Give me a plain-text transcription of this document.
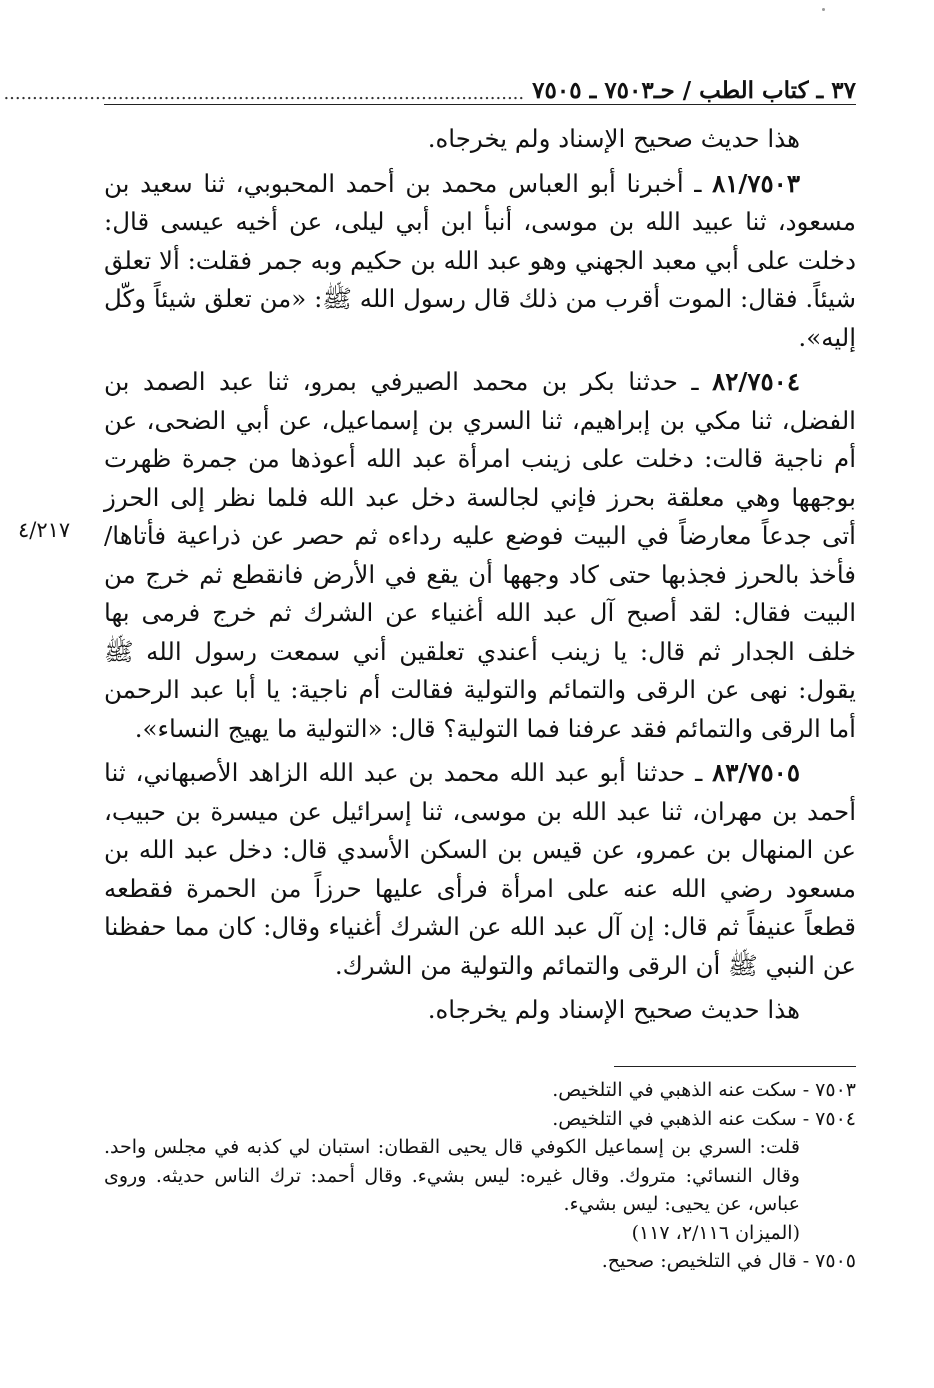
٣٧ ـ كتاب الطب / حـ٧٥٠٣ ـ ٧٥٠٥
...........................................................................................

هذا حديث صحيح الإسناد ولم يخرجاه.

٨١/٧٥٠٣ ـ أخبرنا أبو العباس محمد بن أحمد المحبوبي، ثنا سعيد بن مسعود، ثنا عبيد الله بن موسى، أنبأ ابن أبي ليلى، عن أخيه عيسى قال: دخلت على أبي معبد الجهني وهو عبد الله بن حكيم وبه جمر فقلت: ألا تعلق شيئاً. فقال: الموت أقرب من ذلك قال رسول الله ﷺ: «من تعلق شيئاً وكّل إليه».

٨٢/٧٥٠٤ ـ حدثنا بكر بن محمد الصيرفي بمرو، ثنا عبد الصمد بن الفضل، ثنا مكي بن إبراهيم، ثنا السري بن إسماعيل، عن أبي الضحى، عن أم ناجية قالت: دخلت على زينب امرأة عبد الله أعوذها من جمرة ظهرت بوجهها وهي معلقة بحرز فإني لجالسة دخل عبد الله فلما نظر إلى الحرز أتى جدعاً معارضاً في البيت فوضع عليه رداءه ثم حصر عن ذراعية فأتاها/فأخذ بالحرز فجذبها حتى كاد وجهها أن يقع في الأرض فانقطع ثم خرج من البيت فقال: لقد أصبح آل عبد الله أغنياء عن الشرك ثم خرج فرمى بها خلف الجدار ثم قال: يا زينب أعندي تعلقين أني سمعت رسول الله ﷺ يقول: نهى عن الرقى والتمائم والتولية فقالت أم ناجية: يا أبا عبد الرحمن أما الرقى والتمائم فقد عرفنا فما التولية؟ قال: «التولية ما يهيج النساء».

٨٣/٧٥٠٥ ـ حدثنا أبو عبد الله محمد بن عبد الله الزاهد الأصبهاني، ثنا أحمد بن مهران، ثنا عبد الله بن موسى، ثنا إسرائيل عن ميسرة بن حبيب، عن المنهال بن عمرو، عن قيس بن السكن الأسدي قال: دخل عبد الله بن مسعود رضي الله عنه على امرأة فرأى عليها حرزاً من الحمرة فقطعه قطعاً عنيفاً ثم قال: إن آل عبد الله عن الشرك أغنياء وقال: كان مما حفظنا عن النبي ﷺ أن الرقى والتمائم والتولية من الشرك.

هذا حديث صحيح الإسناد ولم يخرجاه.

٤/٢١٧

٧٥٠٣ - سكت عنه الذهبي في التلخيص.

٧٥٠٤ - سكت عنه الذهبي في التلخيص.

قلت: السري بن إسماعيل الكوفي قال يحيى القطان: استبان لي كذبه في مجلس واحد. وقال النسائي: متروك. وقال غيره: ليس بشيء. وقال أحمد: ترك الناس حديثه. وروى عباس، عن يحيى: ليس بشيء.

(الميزان ٢/١١٦، ١١٧)

٧٥٠٥ - قال في التلخيص: صحيح.
